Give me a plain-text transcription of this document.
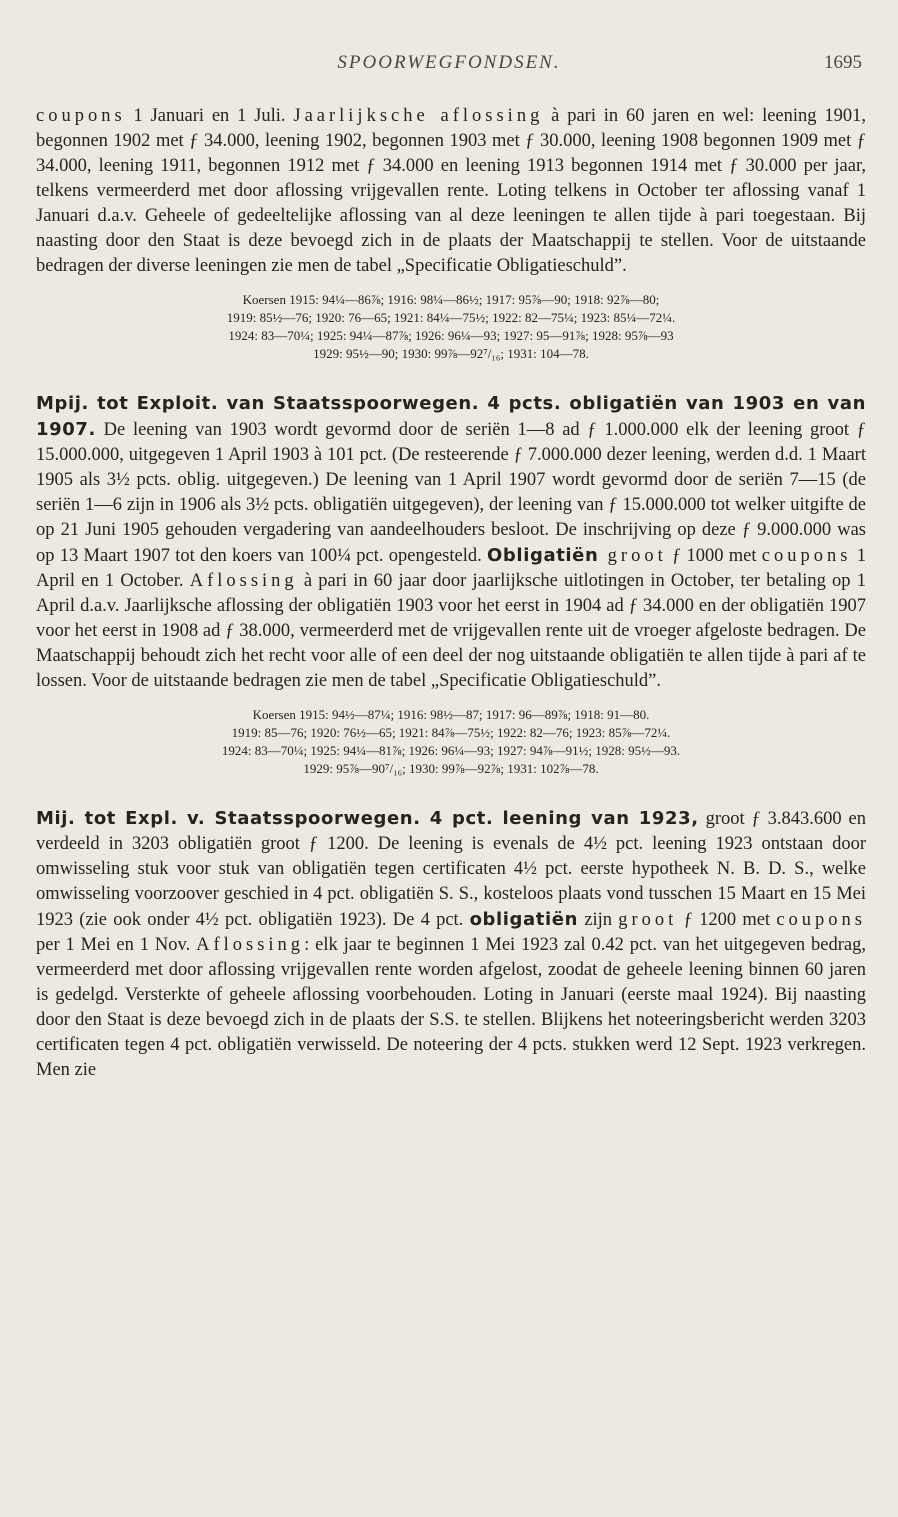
SPOORWEGFONDSEN.	1695

coupons 1 Januari en 1 Juli. Jaarlijksche aflossing à pari in 60 jaren en wel: leening 1901, begonnen 1902 met ƒ 34.000, leening 1902, begonnen 1903 met ƒ 30.000, leening 1908 begonnen 1909 met ƒ 34.000, leening 1911, begonnen 1912 met ƒ 34.000 en leening 1913 begonnen 1914 met ƒ 30.000 per jaar, telkens vermeerderd met door aflossing vrijgevallen rente. Loting telkens in October ter aflossing vanaf 1 Januari d.a.v. Geheele of gedeeltelijke aflossing van al deze leeningen te allen tijde à pari toegestaan. Bij naasting door den Staat is deze bevoegd zich in de plaats der Maatschappij te stellen. Voor de uitstaande bedragen der diverse leeningen zie men de tabel „Specificatie Obligatieschuld”.

Koersen 1915: 94¼—86⅞; 1916: 98¼—86½; 1917: 95⅞—90; 1918: 92⅞—80;
1919: 85½—76; 1920: 76—65; 1921: 84¼—75½; 1922: 82—75¼; 1923: 85¼—72¼.
1924: 83—70¼; 1925: 94¼—87⅞; 1926: 96¼—93; 1927: 95—91⅞; 1928: 95⅞—93
1929: 95½—90; 1930: 99⅞—92⁷/₁₆; 1931: 104—78.

Mpij. tot Exploit. van Staatsspoorwegen. 4 pcts. obligatiën van 1903 en van 1907. De leening van 1903 wordt gevormd door de seriën 1—8 ad ƒ 1.000.000 elk der leening groot ƒ 15.000.000, uitgegeven 1 April 1903 à 101 pct. (De resteerende ƒ 7.000.000 dezer leening, werden d.d. 1 Maart 1905 als 3½ pcts. oblig. uitgegeven.) De leening van 1 April 1907 wordt gevormd door de seriën 7—15 (de seriën 1—6 zijn in 1906 als 3½ pcts. obligatiën uitgegeven), der leening van ƒ 15.000.000 tot welker uitgifte de op 21 Juni 1905 gehouden vergadering van aandeelhouders besloot. De inschrijving op deze ƒ 9.000.000 was op 13 Maart 1907 tot den koers van 100¼ pct. opengesteld. Obligatiën groot ƒ 1000 met coupons 1 April en 1 October. Aflossing à pari in 60 jaar door jaarlijksche uitlotingen in October, ter betaling op 1 April d.a.v. Jaarlijksche aflossing der obligatiën 1903 voor het eerst in 1904 ad ƒ 34.000 en der obligatiën 1907 voor het eerst in 1908 ad ƒ 38.000, vermeerderd met de vrijgevallen rente uit de vroeger afgeloste bedragen. De Maatschappij behoudt zich het recht voor alle of een deel der nog uitstaande obligatiën te allen tijde à pari af te lossen. Voor de uitstaande bedragen zie men de tabel „Specificatie Obligatieschuld”.

Koersen 1915: 94½—87¼; 1916: 98½—87; 1917: 96—89⅞; 1918: 91—80.
1919: 85—76; 1920: 76½—65; 1921: 84⅞—75½; 1922: 82—76; 1923: 85⅞—72¼.
1924: 83—70¼; 1925: 94¼—81⅞; 1926: 96¼—93; 1927: 94⅞—91½; 1928: 95½—93.
1929: 95⅞—90⁷/₁₆; 1930: 99⅞—92⅞; 1931: 102⅞—78.

Mij. tot Expl. v. Staatsspoorwegen. 4 pct. leening van 1923, groot ƒ 3.843.600 en verdeeld in 3203 obligatiën groot ƒ 1200. De leening is evenals de 4½ pct. leening 1923 ontstaan door omwisseling stuk voor stuk van obligatiën tegen certificaten 4½ pct. eerste hypotheek N. B. D. S., welke omwisseling voorzoover geschied in 4 pct. obligatiën S. S., kosteloos plaats vond tusschen 15 Maart en 15 Mei 1923 (zie ook onder 4½ pct. obligatiën 1923). De 4 pct. obligatiën zijn groot ƒ 1200 met coupons per 1 Mei en 1 Nov. Aflossing: elk jaar te beginnen 1 Mei 1923 zal 0.42 pct. van het uitgegeven bedrag, vermeerderd met door aflossing vrijgevallen rente worden afgelost, zoodat de geheele leening binnen 60 jaren is gedelgd. Versterkte of geheele aflossing voorbehouden. Loting in Januari (eerste maal 1924). Bij naasting door den Staat is deze bevoegd zich in de plaats der S.S. te stellen. Blijkens het noteeringsbericht werden 3203 certificaten tegen 4 pct. obligatiën verwisseld. De noteering der 4 pcts. stukken werd 12 Sept. 1923 verkregen. Men zie
